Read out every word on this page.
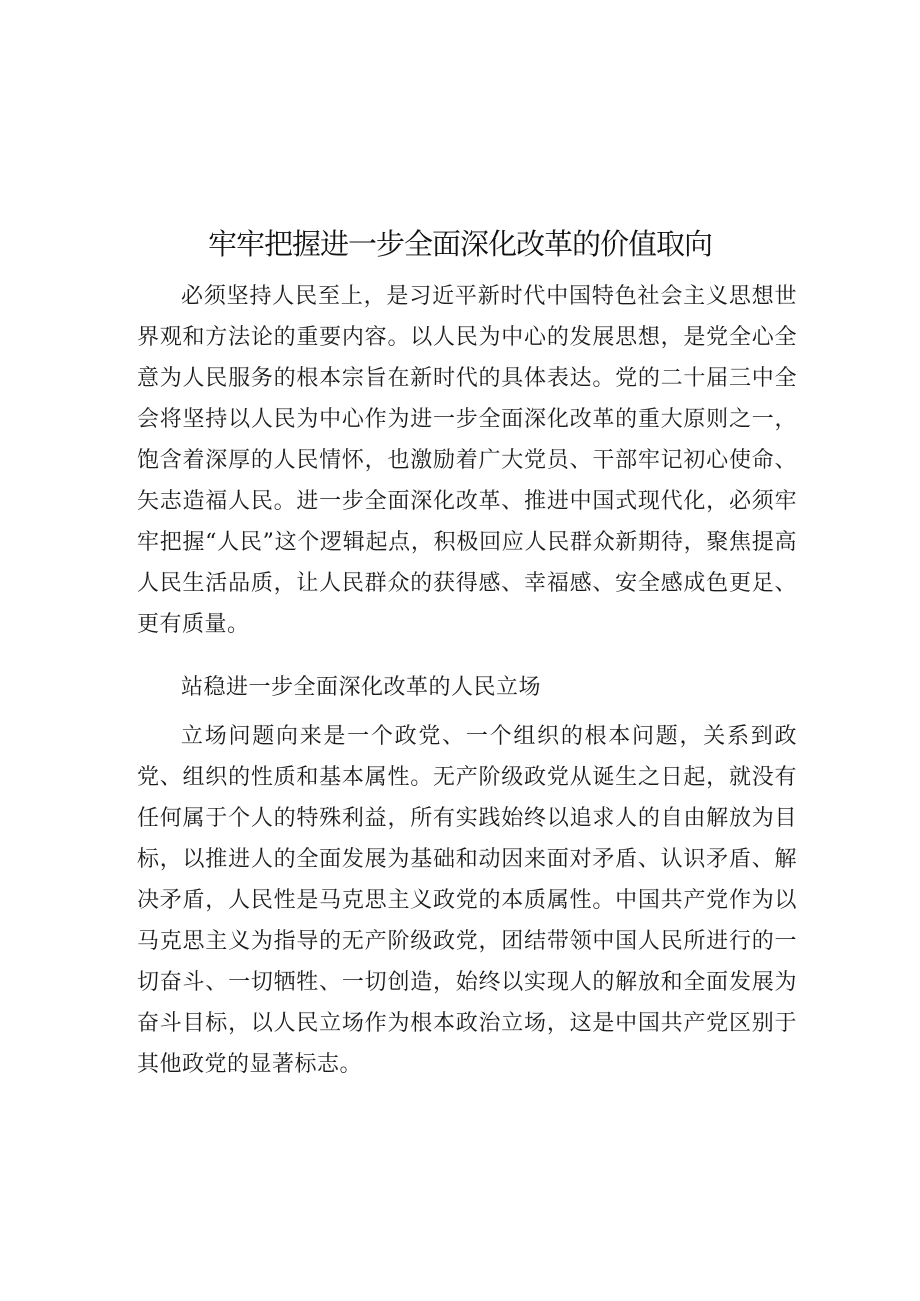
牢牢把握进一步全面深化改革的价值取向

必须坚持人民至上，是习近平新时代中国特色社会主义思想世界观和方法论的重要内容。以人民为中心的发展思想，是党全心全意为人民服务的根本宗旨在新时代的具体表达。党的二十届三中全会将坚持以人民为中心作为进一步全面深化改革的重大原则之一，饱含着深厚的人民情怀，也激励着广大党员、干部牢记初心使命、矢志造福人民。进一步全面深化改革、推进中国式现代化，必须牢牢把握“人民”这个逻辑起点，积极回应人民群众新期待，聚焦提高人民生活品质，让人民群众的获得感、幸福感、安全感成色更足、更有质量。

站稳进一步全面深化改革的人民立场

立场问题向来是一个政党、一个组织的根本问题，关系到政党、组织的性质和基本属性。无产阶级政党从诞生之日起，就没有任何属于个人的特殊利益，所有实践始终以追求人的自由解放为目标，以推进人的全面发展为基础和动因来面对矛盾、认识矛盾、解决矛盾，人民性是马克思主义政党的本质属性。中国共产党作为以马克思主义为指导的无产阶级政党，团结带领中国人民所进行的一切奋斗、一切牺牲、一切创造，始终以实现人的解放和全面发展为奋斗目标，以人民立场作为根本政治立场，这是中国共产党区别于其他政党的显著标志。
